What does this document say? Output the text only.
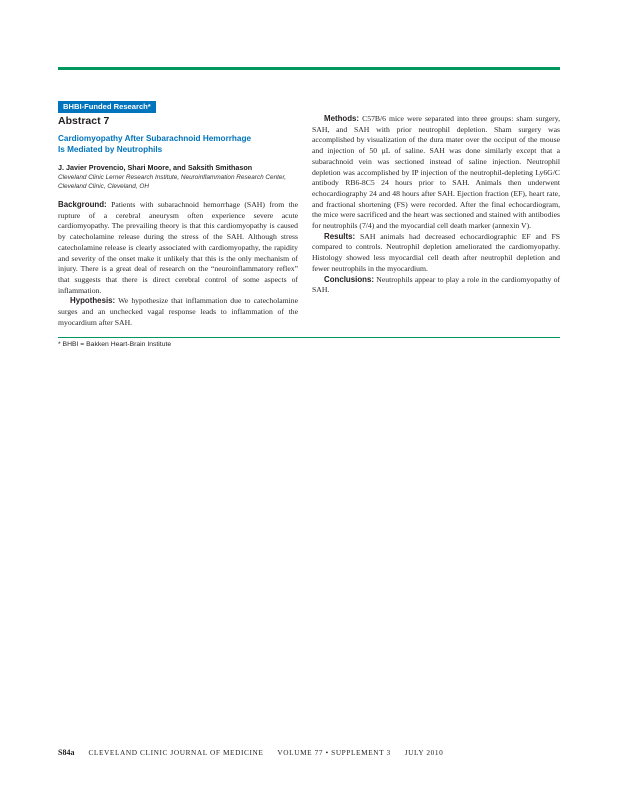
BHBI-Funded Research*
Abstract 7
Cardiomyopathy After Subarachnoid Hemorrhage
Is Mediated by Neutrophils
J. Javier Provencio, Shari Moore, and Saksith Smithason
Cleveland Clinic Lerner Research Institute, Neuroinflammation Research Center,
Cleveland Clinic, Cleveland, OH

Background: Patients with subarachnoid hemorrhage (SAH) from the rupture of a cerebral aneurysm often experience severe acute cardiomyopathy. The prevailing theory is that this cardiomyopathy is caused by catecholamine release during the stress of the SAH. Although stress catecholamine release is clearly associated with cardiomyopathy, the rapidity and severity of the onset make it unlikely that this is the only mechanism of injury. There is a great deal of research on the “neuroinflammatory reflex” that suggests that there is direct cerebral control of some aspects of inflammation.

Hypothesis: We hypothesize that inflammation due to catecholamine surges and an unchecked vagal response leads to inflammation of the myocardium after SAH.

Methods: C57B/6 mice were separated into three groups: sham surgery, SAH, and SAH with prior neutrophil depletion. Sham surgery was accomplished by visualization of the dura mater over the occiput of the mouse and injection of 50 µL of saline. SAH was done similarly except that a subarachnoid vein was sectioned instead of saline injection. Neutrophil depletion was accomplished by IP injection of the neutrophil-depleting Ly6G/C antibody RB6-8C5 24 hours prior to SAH. Animals then underwent echocardiography 24 and 48 hours after SAH. Ejection fraction (EF), heart rate, and fractional shortening (FS) were recorded. After the final echocardiogram, the mice were sacrificed and the heart was sectioned and stained with antibodies for neutrophils (7/4) and the myocardial cell death marker (annexin V).

Results: SAH animals had decreased echocardiographic EF and FS compared to controls. Neutrophil depletion ameliorated the cardiomyopathy. Histology showed less myocardial cell death after neutrophil depletion and fewer neutrophils in the myocardium.

Conclusions: Neutrophils appear to play a role in the cardiomyopathy of SAH.

* BHBI = Bakken Heart-Brain Institute
S84a CLEVELAND CLINIC JOURNAL OF MEDICINE VOLUME 77 • SUPPLEMENT 3 JULY 2010
